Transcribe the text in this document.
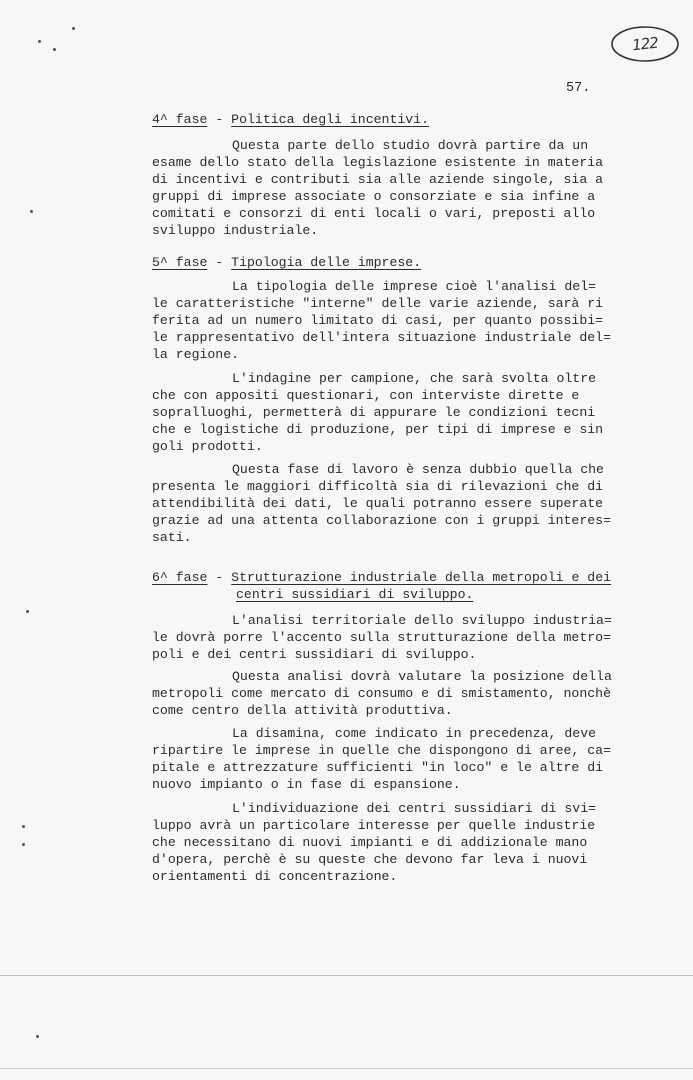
122
57.
4^ fase - Politica degli incentivi.
Questa parte dello studio dovrà partire da un
esame dello stato della legislazione esistente in materia
di incentivi e contributi sia alle aziende singole, sia a
gruppi di imprese associate o consorziate e sia infine a
comitati e consorzi di enti locali o vari, preposti allo
sviluppo industriale.
5^ fase - Tipologia delle imprese.
La tipologia delle imprese cioè l'analisi del=
le caratteristiche "interne" delle varie aziende, sarà ri
ferita ad un numero limitato di casi, per quanto possibi=
le rappresentativo dell'intera situazione industriale del=
la regione.
L'indagine per campione, che sarà svolta oltre
che con appositi questionari, con interviste dirette e
sopralluoghi, permetterà di appurare le condizioni tecni
che e logistiche di produzione, per tipi di imprese e sin
goli prodotti.
Questa fase di lavoro è senza dubbio quella che
presenta le maggiori difficoltà sia di rilevazioni che di
attendibilità dei dati, le quali potranno essere superate
grazie ad una attenta collaborazione con i gruppi interes=
sati.
6^ fase - Strutturazione industriale della metropoli e dei
centri sussidiari di sviluppo.
L'analisi territoriale dello sviluppo industria=
le dovrà porre l'accento sulla strutturazione della metro=
poli e dei centri sussidiari di sviluppo.
Questa analisi dovrà valutare la posizione della
metropoli come mercato di consumo e di smistamento, nonchè
come centro della attività produttiva.
La disamina, come indicato in precedenza, deve
ripartire le imprese in quelle che dispongono di aree, ca=
pitale e attrezzature sufficienti "in loco" e le altre di
nuovo impianto o in fase di espansione.
L'individuazione dei centri sussidiari di svi=
luppo avrà un particolare interesse per quelle industrie
che necessitano di nuovi impianti e di addizionale mano
d'opera, perchè è su queste che devono far leva i nuovi
orientamenti di concentrazione.
